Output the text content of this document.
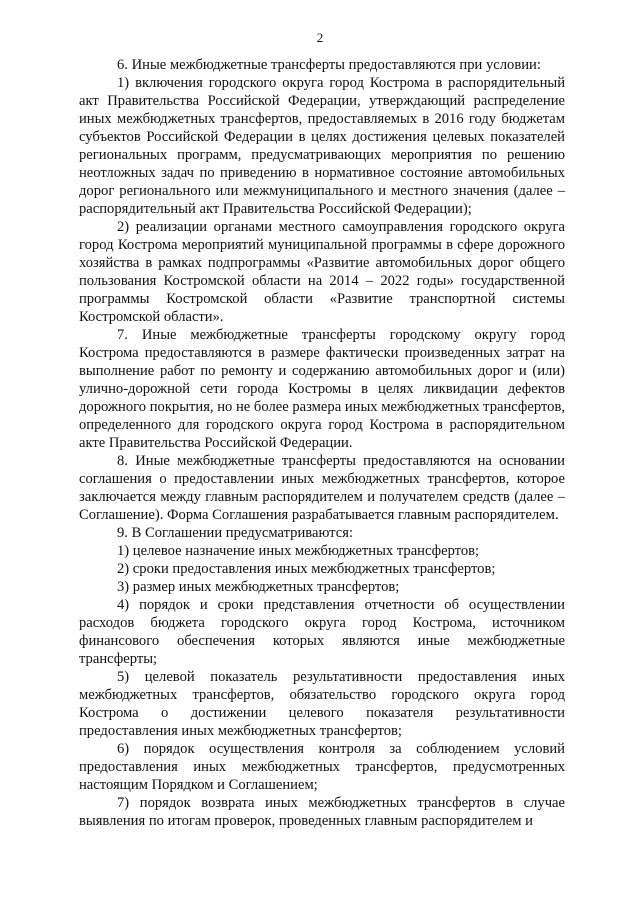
2

6. Иные межбюджетные трансферты предоставляются при условии:

1) включения городского округа город Кострома в распорядительный акт Правительства Российской Федерации, утверждающий распределение иных межбюджетных трансфертов, предоставляемых в 2016 году бюджетам субъектов Российской Федерации в целях достижения целевых показателей региональных программ, предусматривающих мероприятия по решению неотложных задач по приведению в нормативное состояние автомобильных дорог регионального или межмуниципального и местного значения (далее – распорядительный акт Правительства Российской Федерации);

2) реализации органами местного самоуправления городского округа город Кострома мероприятий муниципальной программы в сфере дорожного хозяйства в рамках подпрограммы «Развитие автомобильных дорог общего пользования Костромской области на 2014 – 2022 годы» государственной программы Костромской области «Развитие транспортной системы Костромской области».

7. Иные межбюджетные трансферты городскому округу город Кострома предоставляются в размере фактически произведенных затрат на выполнение работ по ремонту и содержанию автомобильных дорог и (или) улично-дорожной сети города Костромы в целях ликвидации дефектов дорожного покрытия, но не более размера иных межбюджетных трансфертов, определенного для городского округа город Кострома в распорядительном акте Правительства Российской Федерации.

8. Иные межбюджетные трансферты предоставляются на основании соглашения о предоставлении иных межбюджетных трансфертов, которое заключается между главным распорядителем и получателем средств (далее – Соглашение). Форма Соглашения разрабатывается главным распорядителем.

9. В Соглашении предусматриваются:

1) целевое назначение иных межбюджетных трансфертов;

2) сроки предоставления иных межбюджетных трансфертов;

3) размер иных межбюджетных трансфертов;

4) порядок и сроки представления отчетности об осуществлении расходов бюджета городского округа город Кострома, источником финансового обеспечения которых являются иные межбюджетные трансферты;

5) целевой показатель результативности предоставления иных межбюджетных трансфертов, обязательство городского округа город Кострома о достижении целевого показателя результативности предоставления иных межбюджетных трансфертов;

6) порядок осуществления контроля за соблюдением условий предоставления иных межбюджетных трансфертов, предусмотренных настоящим Порядком и Соглашением;

7) порядок возврата иных межбюджетных трансфертов в случае выявления по итогам проверок, проведенных главным распорядителем и
